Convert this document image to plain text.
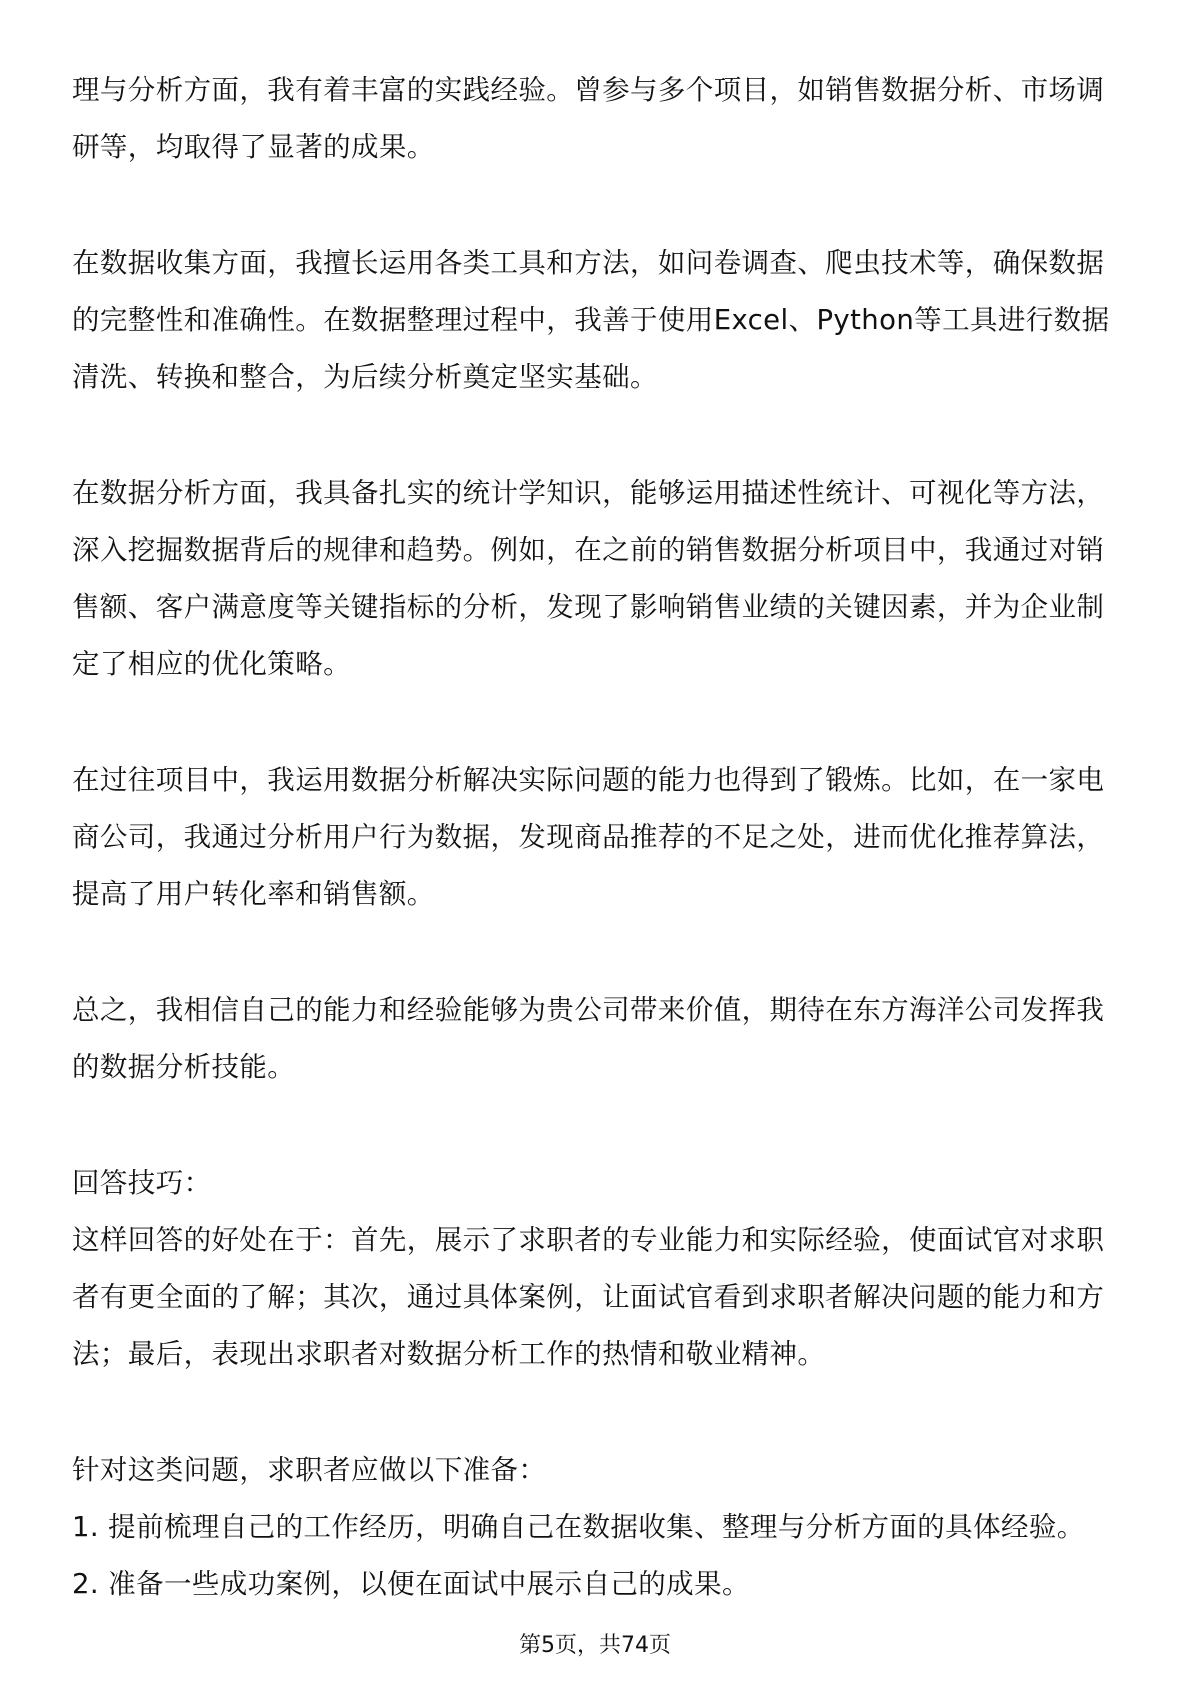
理与分析方面，我有着丰富的实践经验。曾参与多个项目，如销售数据分析、市场调研等，均取得了显著的成果。

在数据收集方面，我擅长运用各类工具和方法，如问卷调查、爬虫技术等，确保数据的完整性和准确性。在数据整理过程中，我善于使用Excel、Python等工具进行数据清洗、转换和整合，为后续分析奠定坚实基础。

在数据分析方面，我具备扎实的统计学知识，能够运用描述性统计、可视化等方法，深入挖掘数据背后的规律和趋势。例如，在之前的销售数据分析项目中，我通过对销售额、客户满意度等关键指标的分析，发现了影响销售业绩的关键因素，并为企业制定了相应的优化策略。

在过往项目中，我运用数据分析解决实际问题的能力也得到了锻炼。比如，在一家电商公司，我通过分析用户行为数据，发现商品推荐的不足之处，进而优化推荐算法，提高了用户转化率和销售额。

总之，我相信自己的能力和经验能够为贵公司带来价值，期待在东方海洋公司发挥我的数据分析技能。

回答技巧：

这样回答的好处在于：首先，展示了求职者的专业能力和实际经验，使面试官对求职者有更全面的了解；其次，通过具体案例，让面试官看到求职者解决问题的能力和方法；最后，表现出求职者对数据分析工作的热情和敬业精神。

针对这类问题，求职者应做以下准备：

1. 提前梳理自己的工作经历，明确自己在数据收集、整理与分析方面的具体经验。

2. 准备一些成功案例，以便在面试中展示自己的成果。

第5页，共74页
